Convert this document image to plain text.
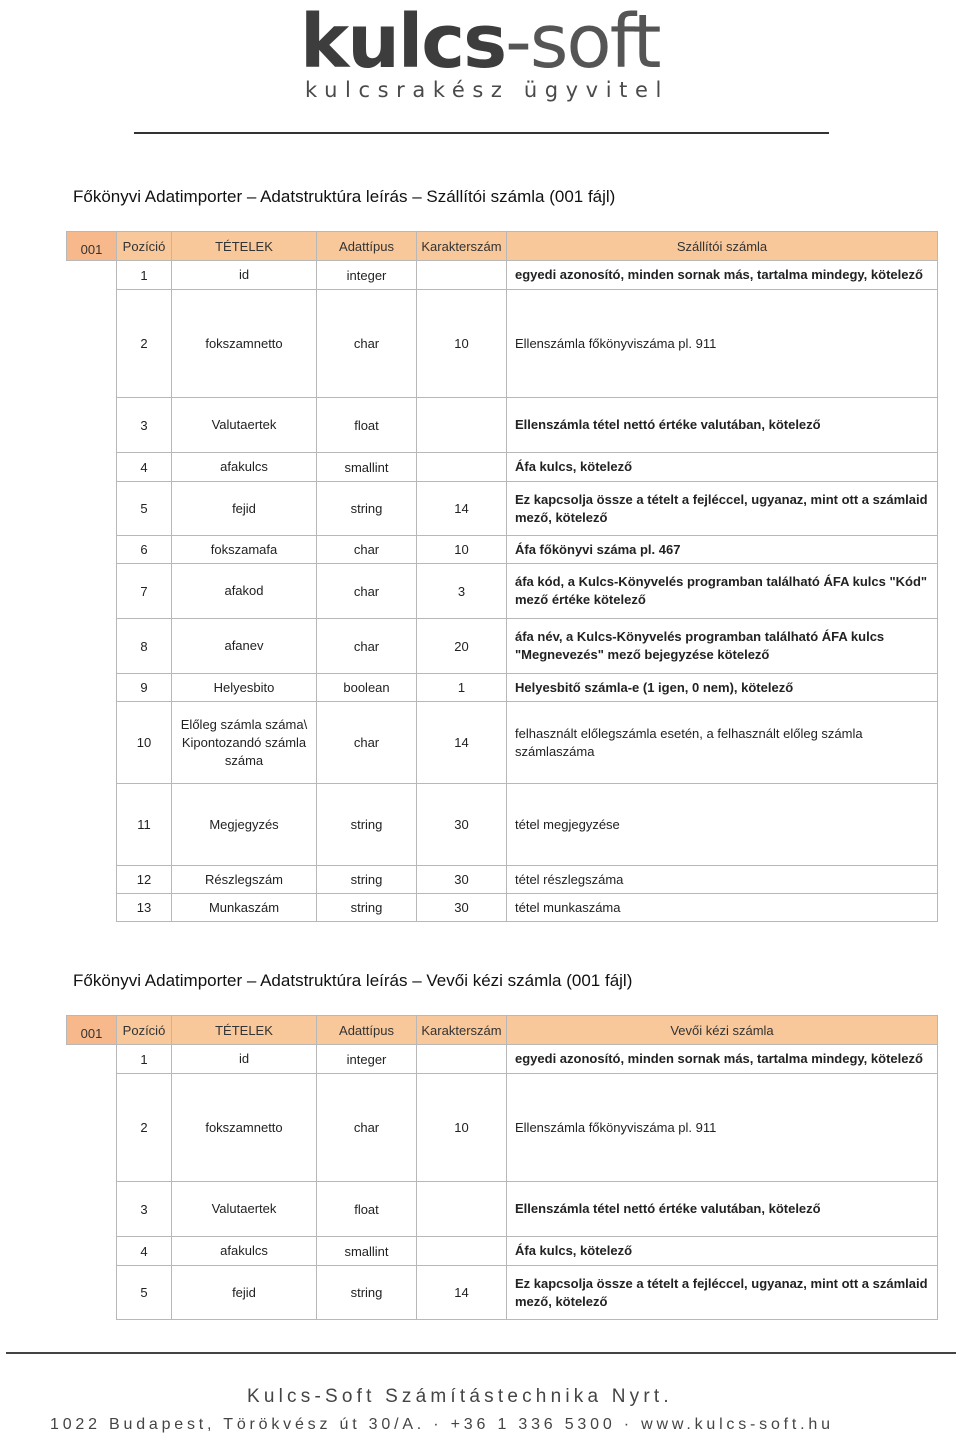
kulcs-soft
kulcsrakész ügyvitel
Főkönyvi Adatimporter – Adatstruktúra leírás – Szállítói számla (001 fájl)
001	Pozíció	TÉTELEK	Adattípus	Karakterszám	Szállítói számla
	1	id	integer		egyedi azonosító, minden sornak más, tartalma mindegy, kötelező
	2	fokszamnetto	char	10	Ellenszámla főkönyviszáma pl. 911
	3	Valutaertek	float		Ellenszámla tétel nettó értéke valutában, kötelező
	4	afakulcs	smallint		Áfa kulcs, kötelező
	5	fejid	string	14	Ez kapcsolja össze a tételt a fejléccel, ugyanaz, mint ott a számlaid mező, kötelező
	6	fokszamafa	char	10	Áfa főkönyvi száma pl. 467
	7	afakod	char	3	áfa kód, a Kulcs-Könyvelés programban található ÁFA kulcs "Kód" mező értéke kötelező
	8	afanev	char	20	áfa név, a Kulcs-Könyvelés programban található ÁFA kulcs "Megnevezés" mező bejegyzése kötelező
	9	Helyesbito	boolean	1	Helyesbitő számla-e (1 igen, 0 nem), kötelező
	10	Előleg számla száma\ Kipontozandó számla száma	char	14	felhasznált előlegszámla esetén, a felhasznált előleg számla számlaszáma
	11	Megjegyzés	string	30	tétel megjegyzése
	12	Részlegszám	string	30	tétel részlegszáma
	13	Munkaszám	string	30	tétel munkaszáma
Főkönyvi Adatimporter – Adatstruktúra leírás – Vevői kézi számla (001 fájl)
001	Pozíció	TÉTELEK	Adattípus	Karakterszám	Vevői kézi számla
	1	id	integer		egyedi azonosító, minden sornak más, tartalma mindegy, kötelező
	2	fokszamnetto	char	10	Ellenszámla főkönyviszáma pl. 911
	3	Valutaertek	float		Ellenszámla tétel nettó értéke valutában, kötelező
	4	afakulcs	smallint		Áfa kulcs, kötelező
	5	fejid	string	14	Ez kapcsolja össze a tételt a fejléccel, ugyanaz, mint ott a számlaid mező, kötelező
Kulcs-Soft Számítástechnika Nyrt.
1022 Budapest, Törökvész út 30/A. · +36 1 336 5300 · www.kulcs-soft.hu
